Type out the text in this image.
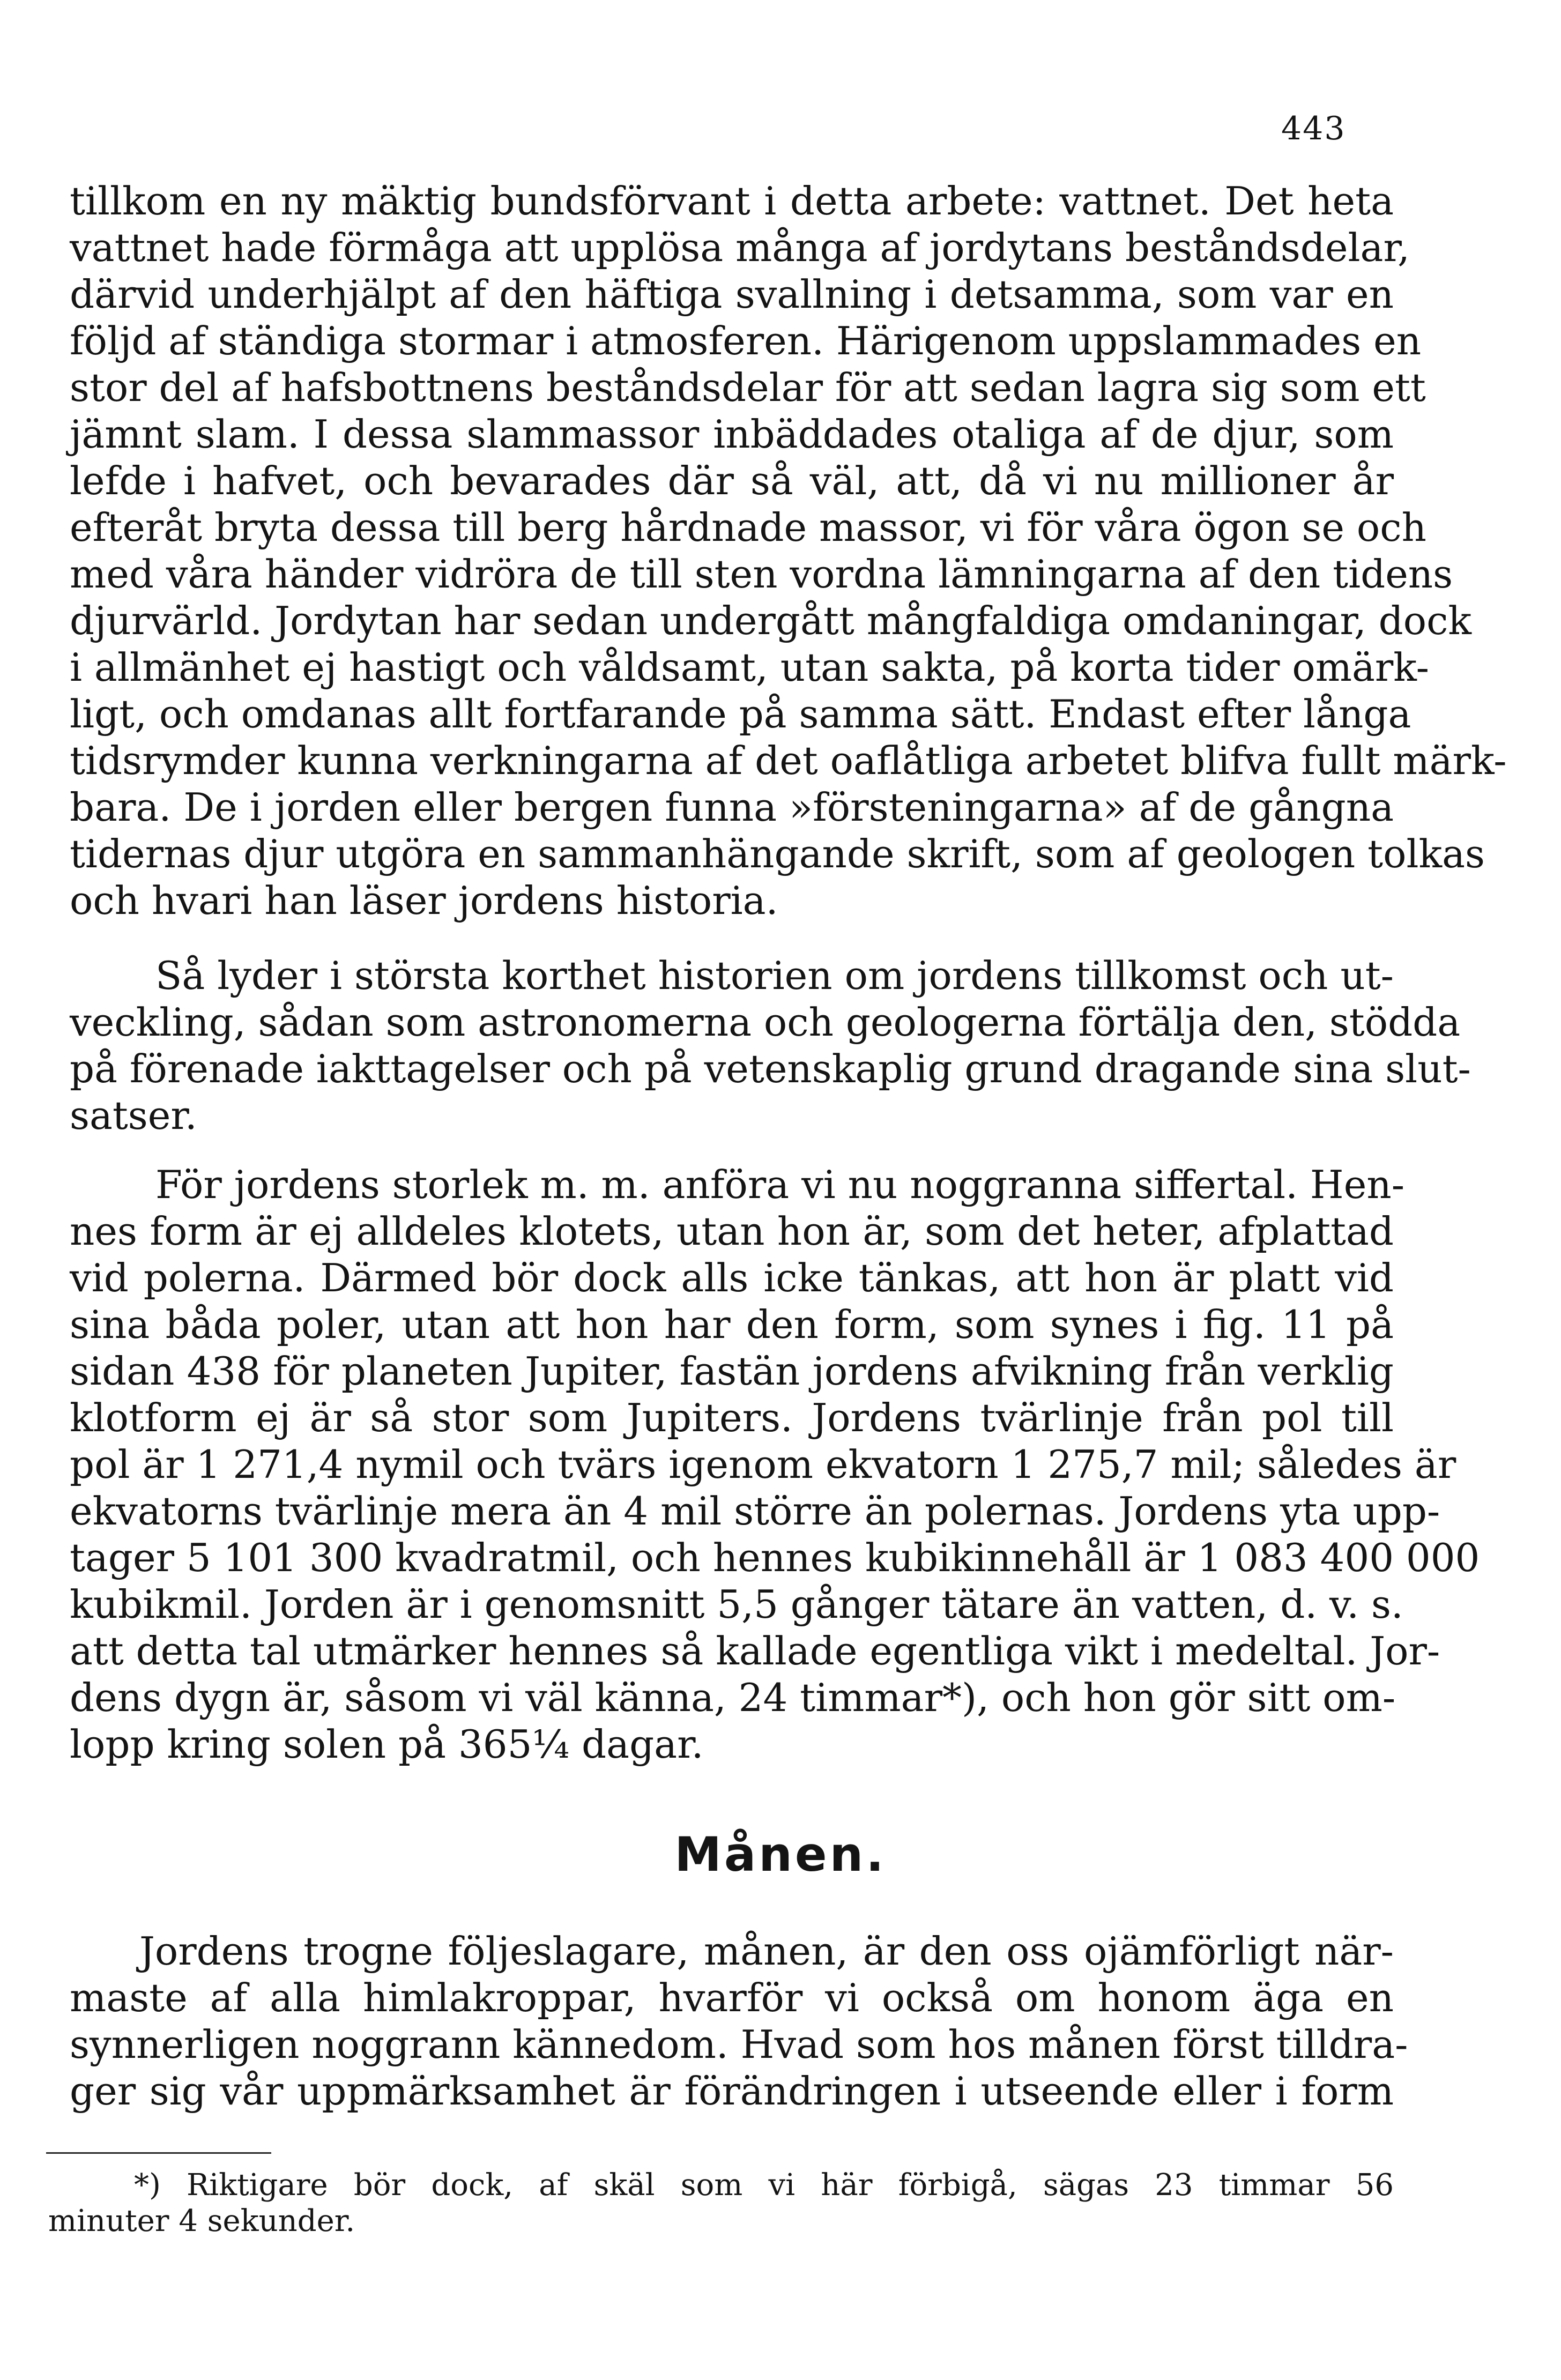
443
tillkom en ny mäktig bundsförvant i detta arbete: vattnet. Det heta
vattnet hade förmåga att upplösa många af jordytans beståndsdelar,
därvid underhjälpt af den häftiga svallning i detsamma, som var en
följd af ständiga stormar i atmosferen. Härigenom uppslammades en
stor del af hafsbottnens beståndsdelar för att sedan lagra sig som ett
jämnt slam. I dessa slammassor inbäddades otaliga af de djur, som
lefde i hafvet, och bevarades där så väl, att, då vi nu millioner år
efteråt bryta dessa till berg hårdnade massor, vi för våra ögon se och
med våra händer vidröra de till sten vordna lämningarna af den tidens
djurvärld. Jordytan har sedan undergått mångfaldiga omdaningar, dock
i allmänhet ej hastigt och våldsamt, utan sakta, på korta tider omärk-
ligt, och omdanas allt fortfarande på samma sätt. Endast efter långa
tidsrymder kunna verkningarna af det oaflåtliga arbetet blifva fullt märk-
bara. De i jorden eller bergen funna »försteningarna» af de gångna
tidernas djur utgöra en sammanhängande skrift, som af geologen tolkas
och hvari han läser jordens historia.
Så lyder i största korthet historien om jordens tillkomst och ut-
veckling, sådan som astronomerna och geologerna förtälja den, stödda
på förenade iakttagelser och på vetenskaplig grund dragande sina slut-
satser.
För jordens storlek m. m. anföra vi nu noggranna siffertal. Hen-
nes form är ej alldeles klotets, utan hon är, som det heter, afplattad
vid polerna. Därmed bör dock alls icke tänkas, att hon är platt vid
sina båda poler, utan att hon har den form, som synes i fig. 11 på
sidan 438 för planeten Jupiter, fastän jordens afvikning från verklig
klotform ej är så stor som Jupiters. Jordens tvärlinje från pol till
pol är 1 271,4 nymil och tvärs igenom ekvatorn 1 275,7 mil; således är
ekvatorns tvärlinje mera än 4 mil större än polernas. Jordens yta upp-
tager 5 101 300 kvadratmil, och hennes kubikinnehåll är 1 083 400 000
kubikmil. Jorden är i genomsnitt 5,5 gånger tätare än vatten, d. v. s.
att detta tal utmärker hennes så kallade egentliga vikt i medeltal. Jor-
dens dygn är, såsom vi väl känna, 24 timmar*), och hon gör sitt om-
lopp kring solen på 365¼ dagar.
Månen.
Jordens trogne följeslagare, månen, är den oss ojämförligt när-
maste af alla himlakroppar, hvarför vi också om honom äga en
synnerligen noggrann kännedom. Hvad som hos månen först tilldra-
ger sig vår uppmärksamhet är förändringen i utseende eller i form
*) Riktigare bör dock, af skäl som vi här förbigå, sägas 23 timmar 56
minuter 4 sekunder.
